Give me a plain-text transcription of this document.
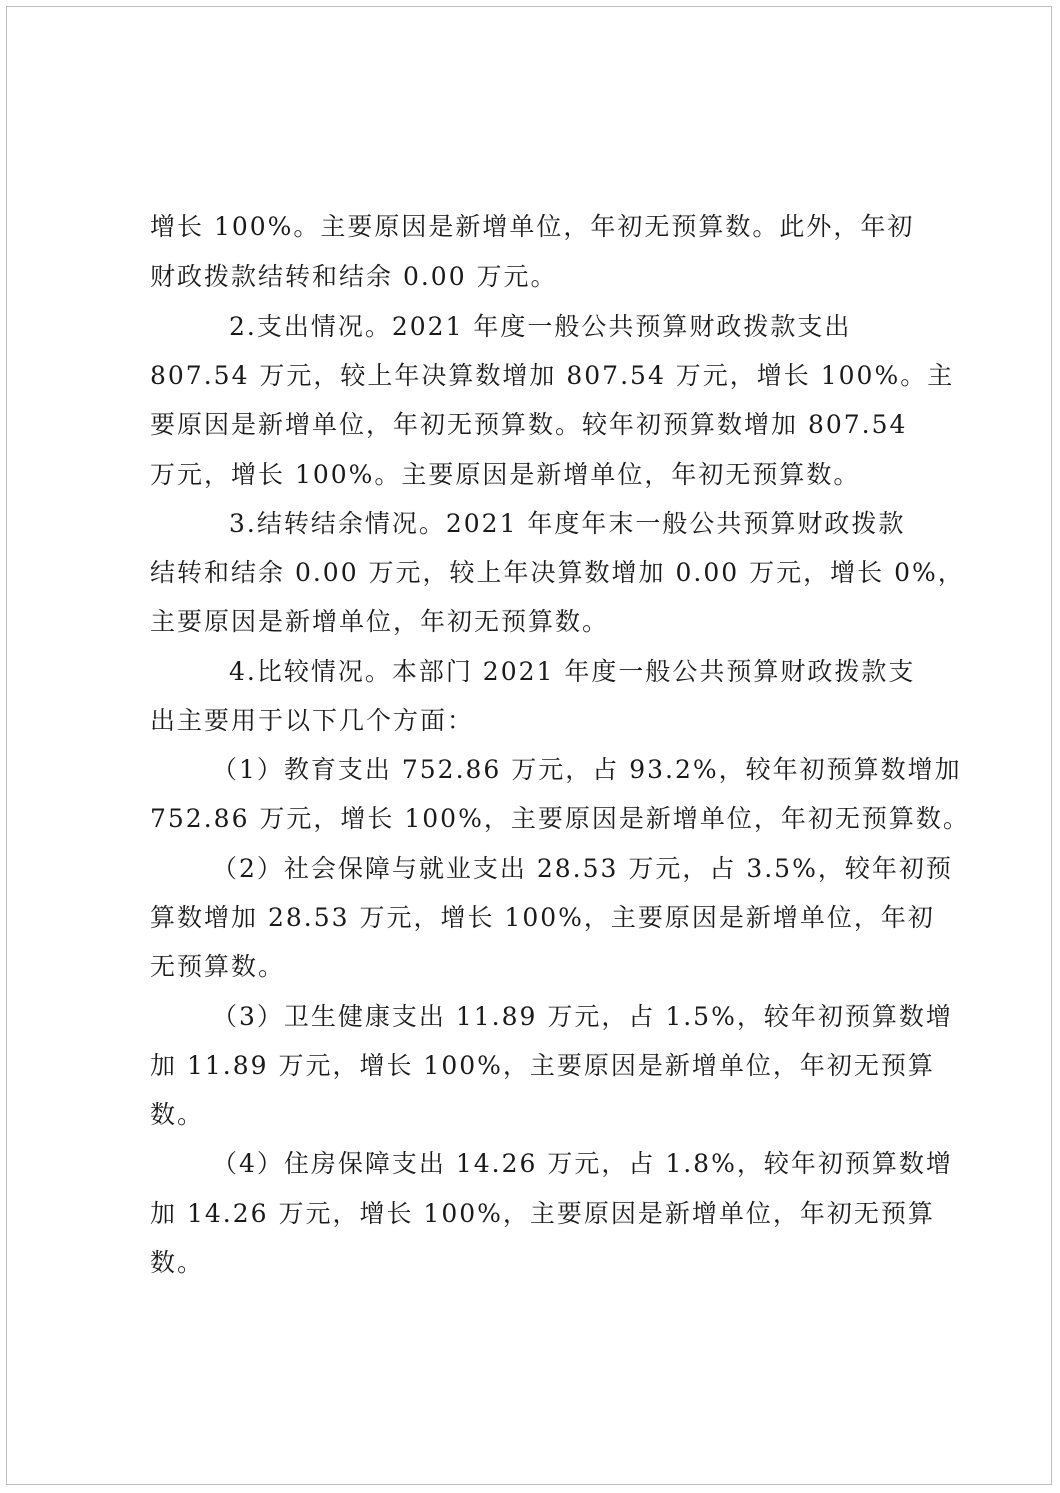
增长 100%。主要原因是新增单位，年初无预算数。此外，年初

财政拨款结转和结余 0.00 万元。

2.支出情况。2021 年度一般公共预算财政拨款支出

807.54 万元，较上年决算数增加 807.54 万元，增长 100%。主

要原因是新增单位，年初无预算数。较年初预算数增加 807.54

万元，增长 100%。主要原因是新增单位，年初无预算数。

3.结转结余情况。2021 年度年末一般公共预算财政拨款

结转和结余 0.00 万元，较上年决算数增加 0.00 万元，增长 0%，

主要原因是新增单位，年初无预算数。

4.比较情况。本部门 2021 年度一般公共预算财政拨款支

出主要用于以下几个方面：

（1）教育支出 752.86 万元，占 93.2%，较年初预算数增加

752.86 万元，增长 100%，主要原因是新增单位，年初无预算数。

（2）社会保障与就业支出 28.53 万元，占 3.5%，较年初预

算数增加 28.53 万元，增长 100%，主要原因是新增单位，年初

无预算数。

（3）卫生健康支出 11.89 万元，占 1.5%，较年初预算数增

加 11.89 万元，增长 100%，主要原因是新增单位，年初无预算

数。

（4）住房保障支出 14.26 万元，占 1.8%，较年初预算数增

加 14.26 万元，增长 100%，主要原因是新增单位，年初无预算

数。
